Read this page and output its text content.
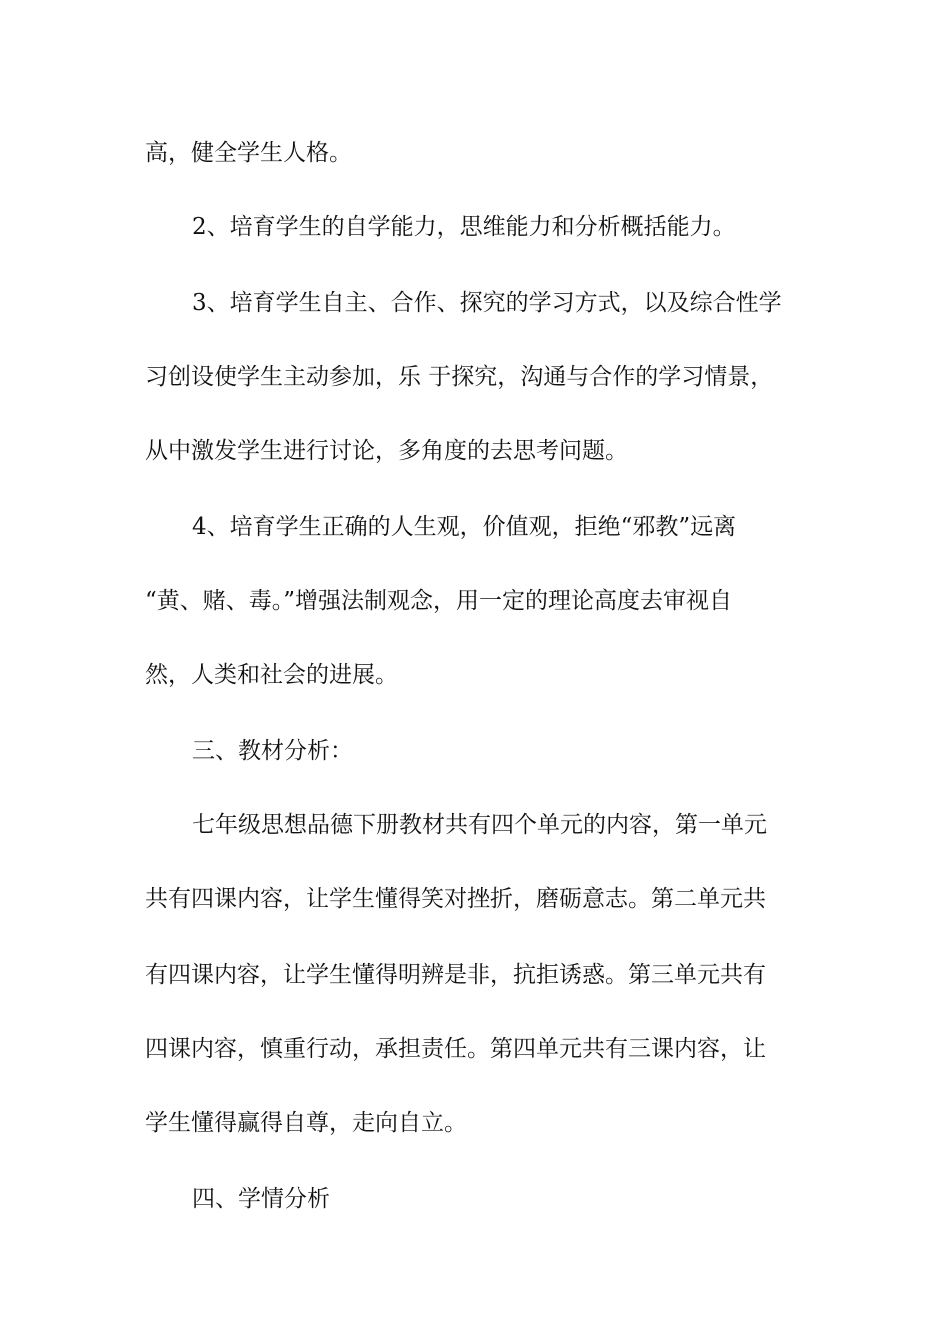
高，健全学生人格。

2、培育学生的自学能力，思维能力和分析概括能力。

3、培育学生自主、合作、探究的学习方式，以及综合性学

习创设使学生主动参加，乐 于探究，沟通与合作的学习情景，

从中激发学生进行讨论，多角度的去思考问题。

4、培育学生正确的人生观，价值观，拒绝“邪教”远离

“黄、赌、毒。”增强法制观念，用一定的理论高度去审视自

然，人类和社会的进展。

三、教材分析：

七年级思想品德下册教材共有四个单元的内容，第一单元

共有四课内容，让学生懂得笑对挫折，磨砺意志。第二单元共

有四课内容，让学生懂得明辨是非，抗拒诱惑。第三单元共有

四课内容，慎重行动，承担责任。第四单元共有三课内容，让

学生懂得赢得自尊，走向自立。

四、学情分析
